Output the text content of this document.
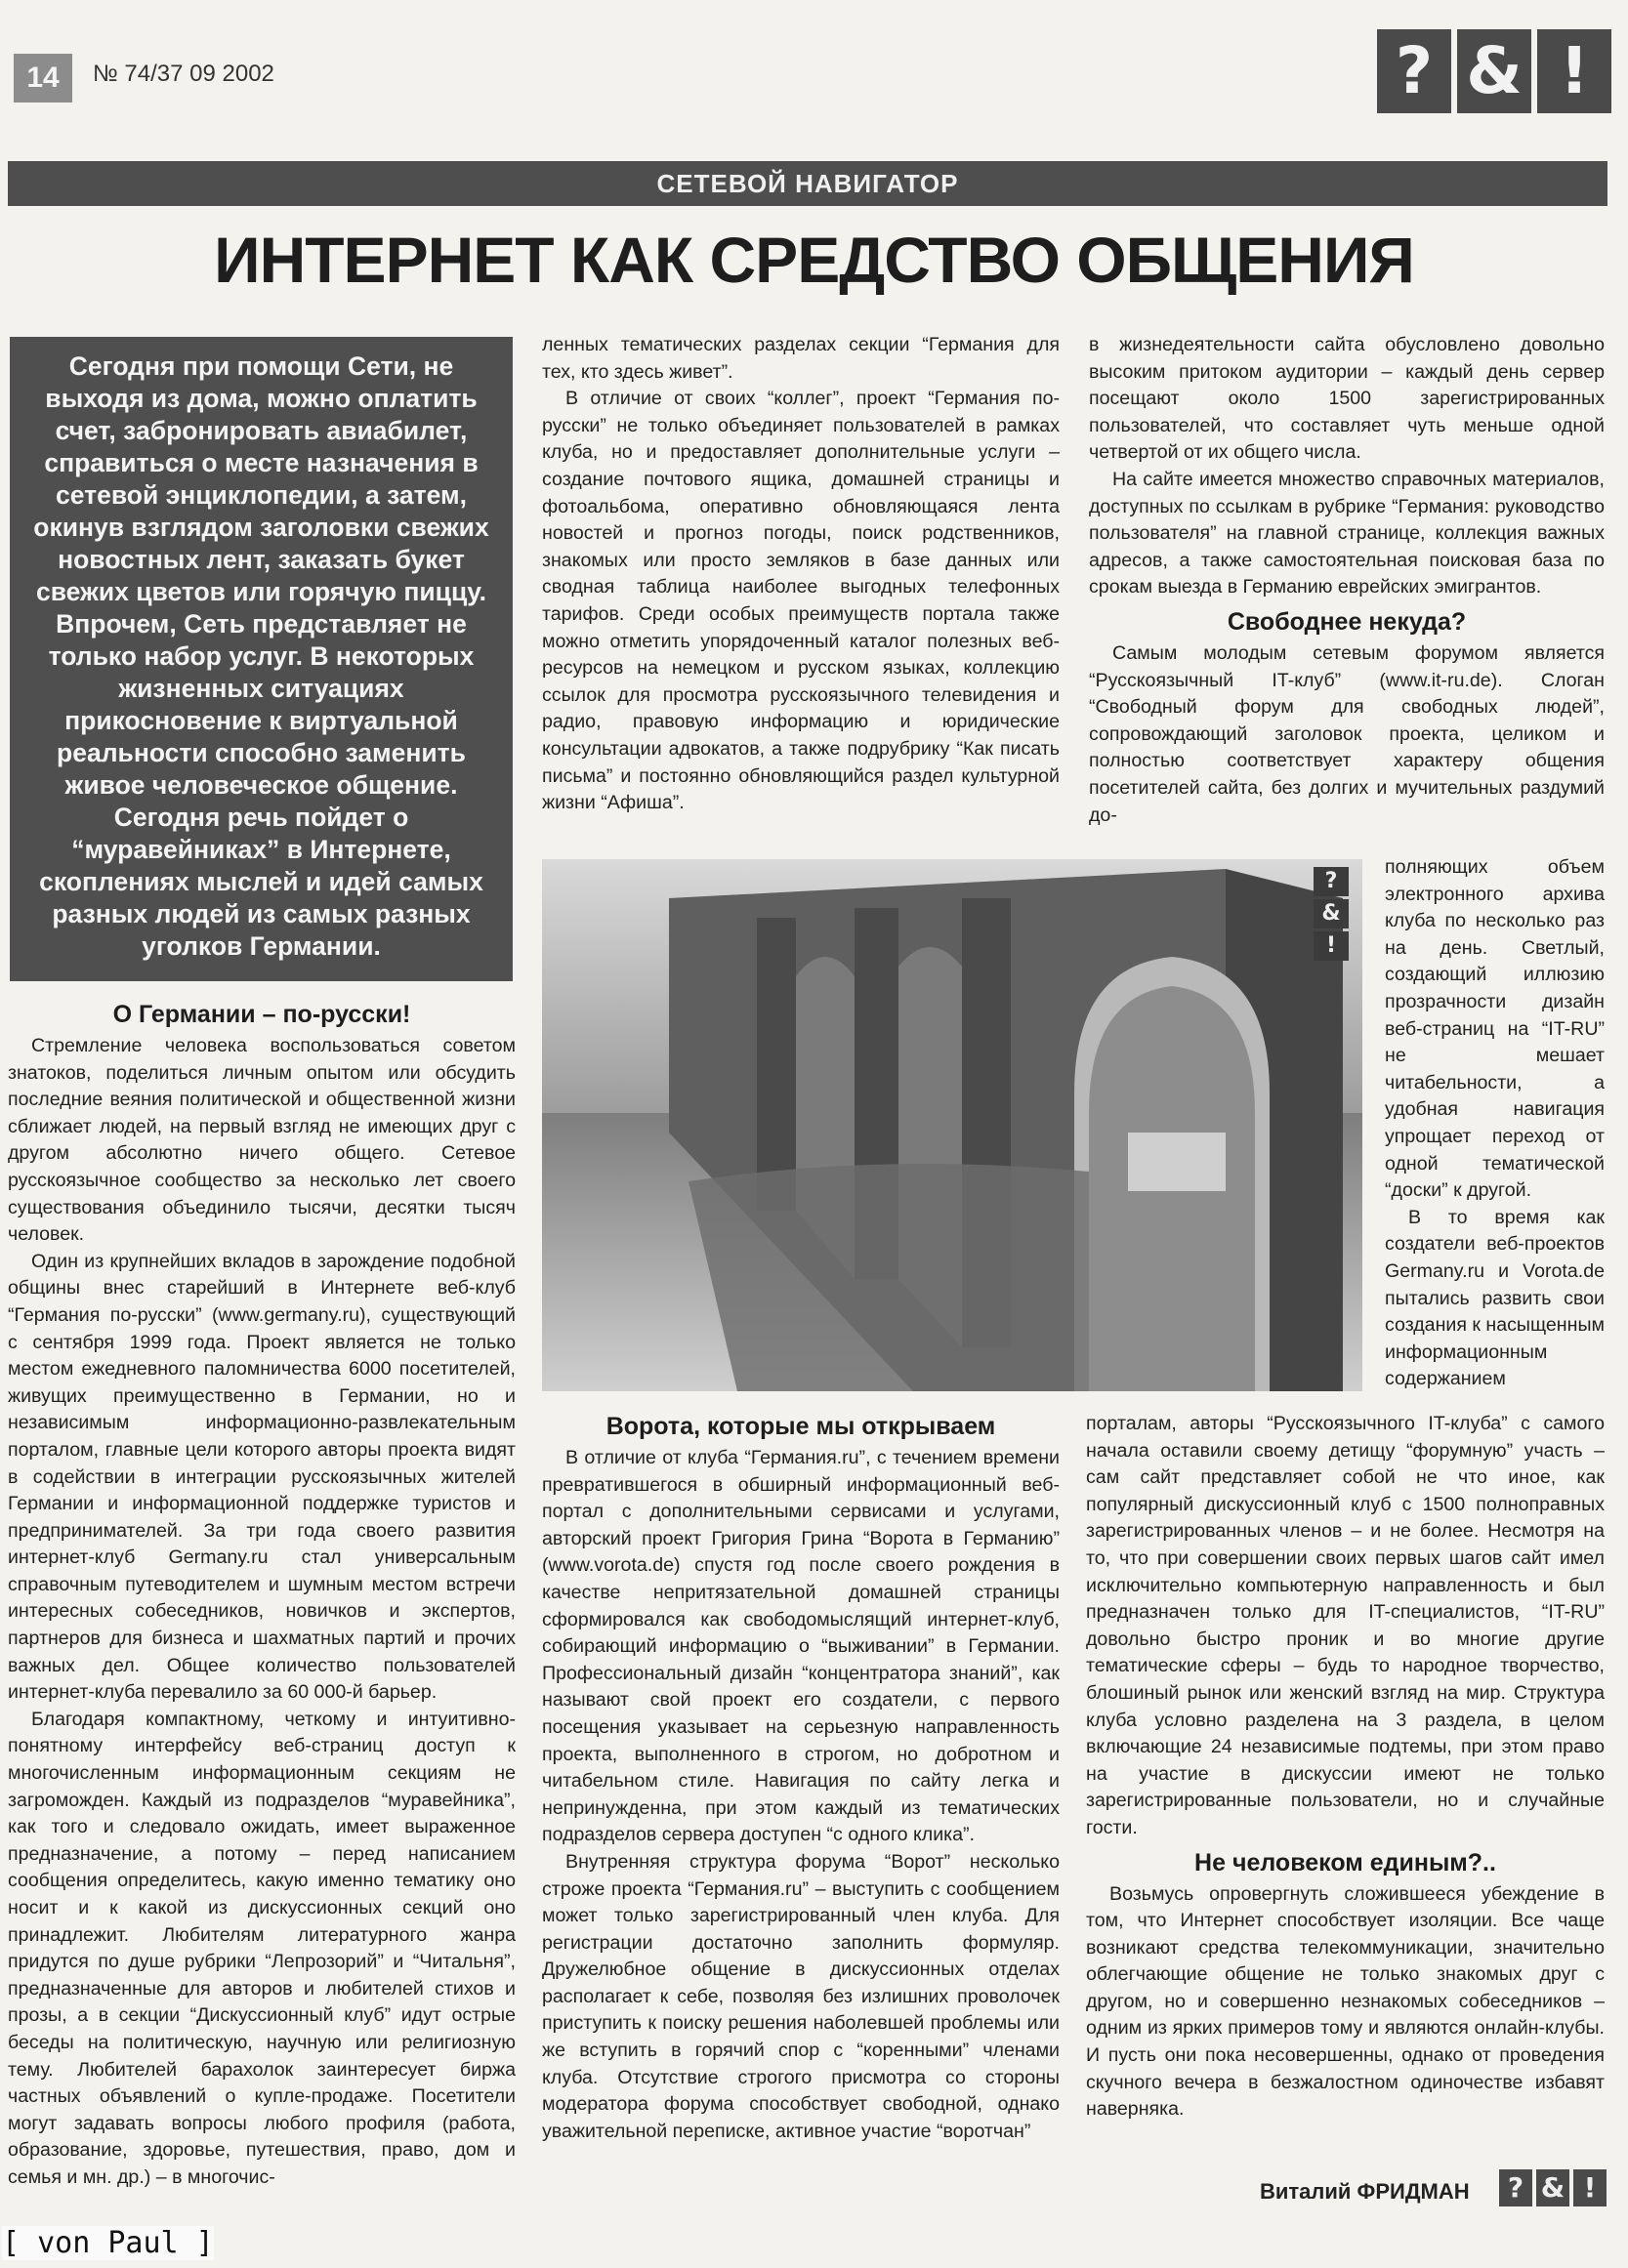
14	№ 74/37 09 2002	? & !
СЕТЕВОЙ НАВИГАТОР
ИНТЕРНЕТ КАК СРЕДСТВО ОБЩЕНИЯ
Сегодня при помощи Сети, не выходя из дома, можно оплатить счет, забронировать авиабилет, справиться о месте назначения в сетевой энциклопедии, а затем, окинув взглядом заголовки свежих новостных лент, заказать букет свежих цветов или горячую пиццу. Впрочем, Сеть представляет не только набор услуг. В некоторых жизненных ситуациях прикосновение к виртуальной реальности способно заменить живое человеческое общение. Сегодня речь пойдет о “муравейниках” в Интернете, скоплениях мыслей и идей самых разных людей из самых разных уголков Германии.
О Германии – по-русски!

Стремление человека воспользоваться советом знатоков, поделиться личным опытом или обсудить последние веяния политической и общественной жизни сближает людей, на первый взгляд не имеющих друг с другом абсолютно ничего общего. Сетевое русскоязычное сообщество за несколько лет своего существования объединило тысячи, десятки тысяч человек.

Один из крупнейших вкладов в зарождение подобной общины внес старейший в Интернете веб-клуб “Германия по-русски” (www.germany.ru), существующий с сентября 1999 года. Проект является не только местом ежедневного паломничества 6000 посетителей, живущих преимущественно в Германии, но и независимым информационно-развлекательным порталом, главные цели которого авторы проекта видят в содействии в интеграции русскоязычных жителей Германии и информационной поддержке туристов и предпринимателей. За три года своего развития интернет-клуб Germany.ru стал универсальным справочным путеводителем и шумным местом встречи интересных собеседников, новичков и экспертов, партнеров для бизнеса и шахматных партий и прочих важных дел. Общее количество пользователей интернет-клуба перевалило за 60 000-й барьер.

Благодаря компактному, четкому и интуитивно-понятному интерфейсу веб-страниц доступ к многочисленным информационным секциям не загроможден. Каждый из подразделов “муравейника”, как того и следовало ожидать, имеет выраженное предназначение, а потому – перед написанием сообщения определитесь, какую именно тематику оно носит и к какой из дискуссионных секций оно принадлежит. Любителям литературного жанра придутся по душе рубрики “Лепрозорий” и “Читальня”, предназначенные для авторов и любителей стихов и прозы, а в секции “Дискуссионный клуб” идут острые беседы на политическую, научную или религиозную тему. Любителей барахолок заинтересует биржа частных объявлений о купле-продаже. Посетители могут задавать вопросы любого профиля (работа, образование, здоровье, путешествия, право, дом и семья и мн. др.) – в многочис-

ленных тематических разделах секции “Германия для тех, кто здесь живет”.

В отличие от своих “коллег”, проект “Германия по-русски” не только объединяет пользователей в рамках клуба, но и предоставляет дополнительные услуги – создание почтового ящика, домашней страницы и фотоальбома, оперативно обновляющаяся лента новостей и прогноз погоды, поиск родственников, знакомых или просто земляков в базе данных или сводная таблица наиболее выгодных телефонных тарифов. Среди особых преимуществ портала также можно отметить упорядоченный каталог полезных веб-ресурсов на немецком и русском языках, коллекцию ссылок для просмотра русскоязычного телевидения и радио, правовую информацию и юридические консультации адвокатов, а также подрубрику “Как писать письма” и постоянно обновляющийся раздел культурной жизни “Афиша”.

?
&
!
Ворота, которые мы открываем

В отличие от клуба “Германия.ru”, с течением времени превратившегося в обширный информационный веб-портал с дополнительными сервисами и услугами, авторский проект Григория Грина “Ворота в Германию” (www.vorota.de) спустя год после своего рождения в качестве непритязательной домашней страницы сформировался как свободомыслящий интернет-клуб, собирающий информацию о “выживании” в Германии. Профессиональный дизайн “концентратора знаний”, как называют свой проект его создатели, с первого посещения указывает на серьезную направленность проекта, выполненного в строгом, но добротном и читабельном стиле. Навигация по сайту легка и непринужденна, при этом каждый из тематических подразделов сервера доступен “с одного клика”.

Внутренняя структура форума “Ворот” несколько строже проекта “Германия.ru” – выступить с сообщением может только зарегистрированный член клуба. Для регистрации достаточно заполнить формуляр. Дружелюбное общение в дискуссионных отделах располагает к себе, позволяя без излишних проволочек приступить к поиску решения наболевшей проблемы или же вступить в горячий спор с “коренными” членами клуба. Отсутствие строгого присмотра со стороны модератора форума способствует свободной, однако уважительной переписке, активное участие “воротчан”

в жизнедеятельности сайта обусловлено довольно высоким притоком аудитории – каждый день сервер посещают около 1500 зарегистрированных пользователей, что составляет чуть меньше одной четвертой от их общего числа.

На сайте имеется множество справочных материалов, доступных по ссылкам в рубрике “Германия: руководство пользователя” на главной странице, коллекция важных адресов, а также самостоятельная поисковая база по срокам выезда в Германию еврейских эмигрантов.

Свободнее некуда?

Самым молодым сетевым форумом является “Русскоязычный IT-клуб” (www.it-ru.de). Слоган “Свободный форум для свободных людей”, сопровождающий заголовок проекта, целиком и полностью соответствует характеру общения посетителей сайта, без долгих и мучительных раздумий до-

полняющих объем электронного архива клуба по несколько раз на день. Светлый, создающий иллюзию прозрачности дизайн веб-страниц на “IT-RU” не мешает читабельности, а удобная навигация упрощает переход от одной тематической “доски” к другой.

В то время как создатели веб-проектов Germany.ru и Vorota.de пытались развить свои создания к насыщенным информационным содержанием

порталам, авторы “Русскоязычного IT-клуба” с самого начала оставили своему детищу “форумную” участь – сам сайт представляет собой не что иное, как популярный дискуссионный клуб с 1500 полноправных зарегистрированных членов – и не более. Несмотря на то, что при совершении своих первых шагов сайт имел исключительно компьютерную направленность и был предназначен только для IT-специалистов, “IT-RU” довольно быстро проник и во многие другие тематические сферы – будь то народное творчество, блошиный рынок или женский взгляд на мир. Структура клуба условно разделена на 3 раздела, в целом включающие 24 независимые подтемы, при этом право на участие в дискуссии имеют не только зарегистрированные пользователи, но и случайные гости.

Не человеком единым?..

Возьмусь опровергнуть сложившееся убеждение в том, что Интернет способствует изоляции. Все чаще возникают средства телекоммуникации, значительно облегчающие общение не только знакомых друг с другом, но и совершенно незнакомых собеседников – одним из ярких примеров тому и являются онлайн-клубы. И пусть они пока несовершенны, однако от проведения скучного вечера в безжалостном одиночестве избавят наверняка.

Виталий ФРИДМАН	? & !
[ von Paul ]
